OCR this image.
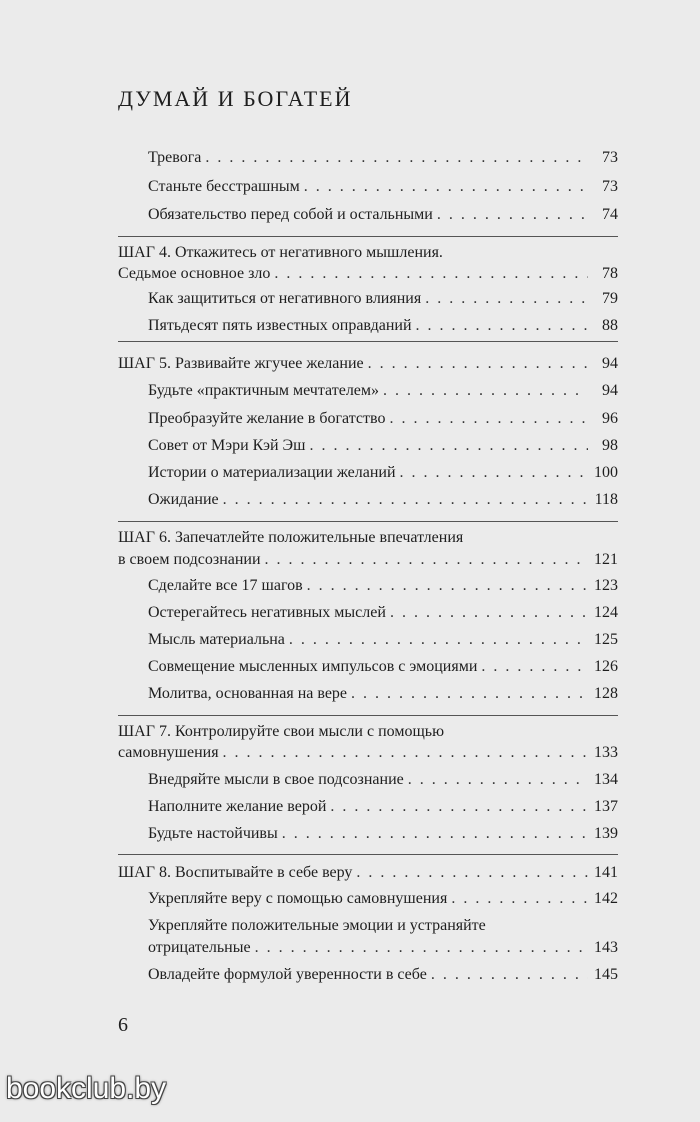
ДУМАЙ И БОГАТЕЙ
Тревога . . .	73
Станьте бесстрашным . . .	73
Обязательство перед собой и остальными . . .	74
ШАГ 4. Откажитесь от негативного мышления.
Седьмое основное зло . . .	78
Как защититься от негативного влияния . . .	79
Пятьдесят пять известных оправданий . . .	88
ШАГ 5. Развивайте жгучее желание . . .	94
Будьте «практичным мечтателем» . . .	94
Преобразуйте желание в богатство . . .	96
Совет от Мэри Кэй Эш . . .	98
Истории о материализации желаний . . .	100
Ожидание . . .	118
ШАГ 6. Запечатлейте положительные впечатления
в своем подсознании . . .	121
Сделайте все 17 шагов . . .	123
Остерегайтесь негативных мыслей . . .	124
Мысль материальна . . .	125
Совмещение мысленных импульсов с эмоциями . . .	126
Молитва, основанная на вере . . .	128
ШАГ 7. Контролируйте свои мысли с помощью
самовнушения . . .	133
Внедряйте мысли в свое подсознание . . .	134
Наполните желание верой . . .	137
Будьте настойчивы . . .	139
ШАГ 8. Воспитывайте в себе веру . . .	141
Укрепляйте веру с помощью самовнушения . . .	142
Укрепляйте положительные эмоции и устраняйте
отрицательные . . .	143
Овладейте формулой уверенности в себе . . .	145
6
bookclub.by
